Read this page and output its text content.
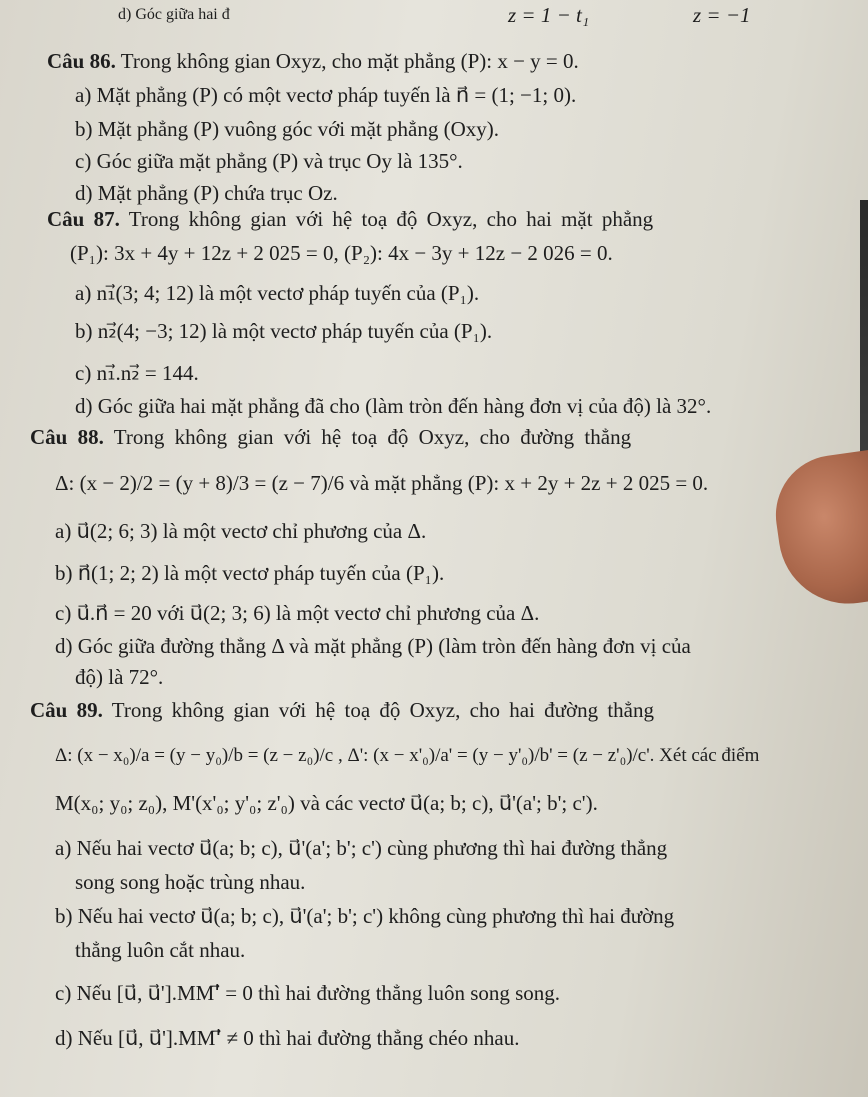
d) Góc giữa hai đ	z = 1 − t₁	z = −1
Câu 86. Trong không gian Oxyz, cho mặt phẳng (P): x − y = 0.
a) Mặt phẳng (P) có một vectơ pháp tuyến là n⃗ = (1; −1; 0).
b) Mặt phẳng (P) vuông góc với mặt phẳng (Oxy).
c) Góc giữa mặt phẳng (P) và trục Oy là 135°.
d) Mặt phẳng (P) chứa trục Oz.
Câu 87. Trong không gian với hệ toạ độ Oxyz, cho hai mặt phẳng
(P₁): 3x + 4y + 12z + 2 025 = 0, (P₂): 4x − 3y + 12z − 2 026 = 0.
a) n₁⃗(3; 4; 12) là một vectơ pháp tuyến của (P₁).
b) n₂⃗(4; −3; 12) là một vectơ pháp tuyến của (P₁).
c) n₁⃗.n₂⃗ = 144.
d) Góc giữa hai mặt phẳng đã cho (làm tròn đến hàng đơn vị của độ) là 32°.
Câu 88. Trong không gian với hệ toạ độ Oxyz, cho đường thẳng
Δ: (x − 2)/2 = (y + 8)/3 = (z − 7)/6 và mặt phẳng (P): x + 2y + 2z + 2 025 = 0.
a) u⃗(2; 6; 3) là một vectơ chỉ phương của Δ.
b) n⃗(1; 2; 2) là một vectơ pháp tuyến của (P₁).
c) u⃗.n⃗ = 20 với u⃗(2; 3; 6) là một vectơ chỉ phương của Δ.
d) Góc giữa đường thẳng Δ và mặt phẳng (P) (làm tròn đến hàng đơn vị của
độ) là 72°.
Câu 89. Trong không gian với hệ toạ độ Oxyz, cho hai đường thẳng
Δ: (x − x₀)/a = (y − y₀)/b = (z − z₀)/c , Δ': (x − x'₀)/a' = (y − y'₀)/b' = (z − z'₀)/c'. Xét các điểm
M(x₀; y₀; z₀), M'(x'₀; y'₀; z'₀) và các vectơ u⃗(a; b; c), u⃗'(a'; b'; c').
a) Nếu hai vectơ u⃗(a; b; c), u⃗'(a'; b'; c') cùng phương thì hai đường thẳng
song song hoặc trùng nhau.
b) Nếu hai vectơ u⃗(a; b; c), u⃗'(a'; b'; c') không cùng phương thì hai đường
thẳng luôn cắt nhau.
c) Nếu [u⃗, u⃗'].MM'⃗ = 0 thì hai đường thẳng luôn song song.
d) Nếu [u⃗, u⃗'].MM'⃗ ≠ 0 thì hai đường thẳng chéo nhau.
